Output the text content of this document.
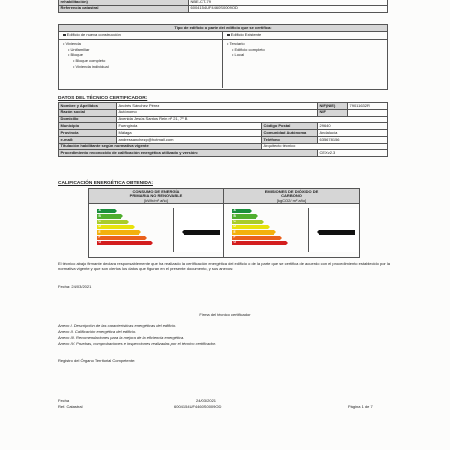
rehabilitación)	NBE-CT-79
Referencia catastral	6004154UF4460S0009OD
Tipo de edificio o parte del edificio que se certifica:
Edificio de nueva construcción	Edificio Existente
• Vivienda
• Unifamiliar
• Bloque
• Bloque completo
• Vivienda individual
• Terciario
• Edificio completo
• Local
DATOS DEL TÉCNICO CERTIFICADOR:
Nombre y Apellidos	Andrés Sánchez Pérez		NIF(NIE)	79011632R
Razón social	Autónomo		NIF	
Domicilio	Avenida Jesús Santos Rein nº 21, 7º B			
Municipio	Fuengirola	Código Postal	29640	
Provincia	Málaga	Comunidad Autónoma	Andalucía	
e-mail:	andressanchezp@hotmail.com	Teléfono	635678156	
Titulación habilitante según normativa vigente		Arquitecto técnico		
Procedimiento reconocido de calificación energética utilizado y versión:			CEXv2.3	
CALIFICACIÓN ENERGÉTICA OBTENIDA:
CONSUMO DE ENERGÍA
PRIMARIA NO RENOVABLE
[kWh/m² año]
EMISIONES DE DIÓXIDO DE
CARBONO
[kgCO2/ m² año]
A
B
C
D
E
F
G
A
B
C
D
E
F
G
El técnico abajo firmante declara responsablemente que ha realizado la certificación energética del edificio o de la parte que se certifica de acuerdo con el procedimiento establecido por la normativa vigente y que son ciertos los datos que figuran en el presente documento, y sus anexos:
Fecha: 24/03/2021
Firma del técnico certificador
Anexo I. Descripción de las características energéticas del edificio.
Anexo II. Calificación energética del edificio.
Anexo III. Recomendaciones para la mejora de la eficiencia energética.
Anexo IV. Pruebas, comprobaciones e inspecciones realizadas por el técnico certificador.
Registro del Órgano Territorial Competente:
Fecha	24/03/2021
Ref. Catastral	6004154UF4460S0009OD	Página 1 de 7
